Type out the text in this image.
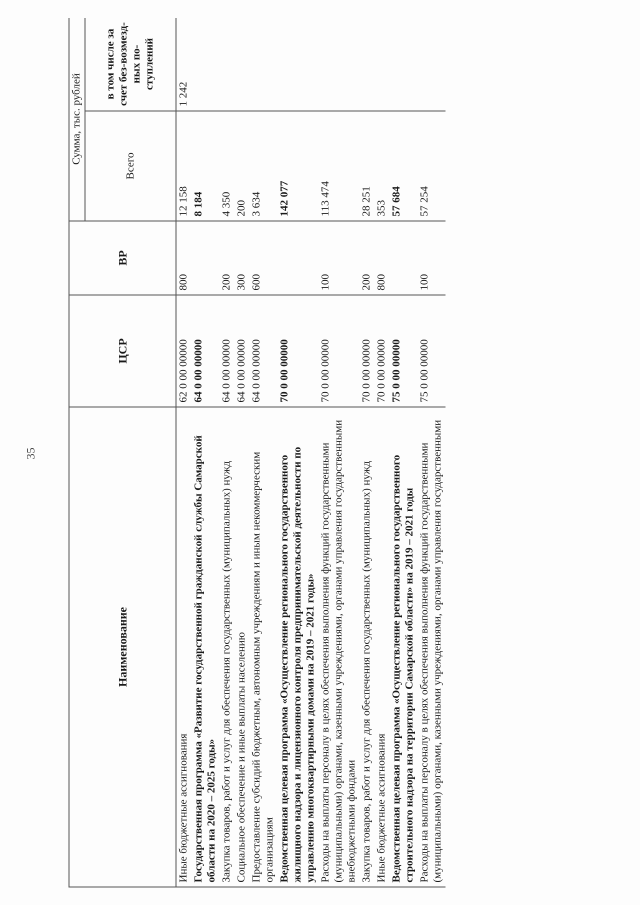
35
Наименование	ЦСР	ВР	Сумма, тыс. рублей	
			Всего	в том числе за счет без-возмезд-ных по-ступлений
Иные бюджетные ассигнования	62 0 00 00000	800	12 158	1 242
Государственная программа «Развитие государственной гражданской службы Самарской области на 2020 – 2025 годы»	64 0 00 00000		8 184	
Закупка товаров, работ и услуг для обеспечения государственных (муниципальных) нужд	64 0 00 00000	200	4 350	
Социальное обеспечение и иные выплаты населению	64 0 00 00000	300	200	
Предоставление субсидий бюджетным, автономным учреждениям и иным некоммерческим организациям	64 0 00 00000	600	3 634	
Ведомственная целевая программа «Осуществление регионального государственного жилищного надзора и лицензионного контроля предпринимательской деятельности по управлению многоквартирными домами на 2019 – 2021 годы»	70 0 00 00000		142 077	
Расходы на выплаты персоналу в целях обеспечения выполнения функций государственными (муниципальными) органами, казенными учреждениями, органами управления государственными внебюджетными фондами	70 0 00 00000	100	113 474	
Закупка товаров, работ и услуг для обеспечения государственных (муниципальных) нужд	70 0 00 00000	200	28 251	
Иные бюджетные ассигнования	70 0 00 00000	800	353	
Ведомственная целевая программа «Осуществление регионального государственного строительного надзора на территории Самарской области» на 2019 – 2021 годы	75 0 00 00000		57 684	
Расходы на выплаты персоналу в целях обеспечения выполнения функций государственными (муниципальными) органами, казенными учреждениями, органами управления государственными	75 0 00 00000	100	57 254	
